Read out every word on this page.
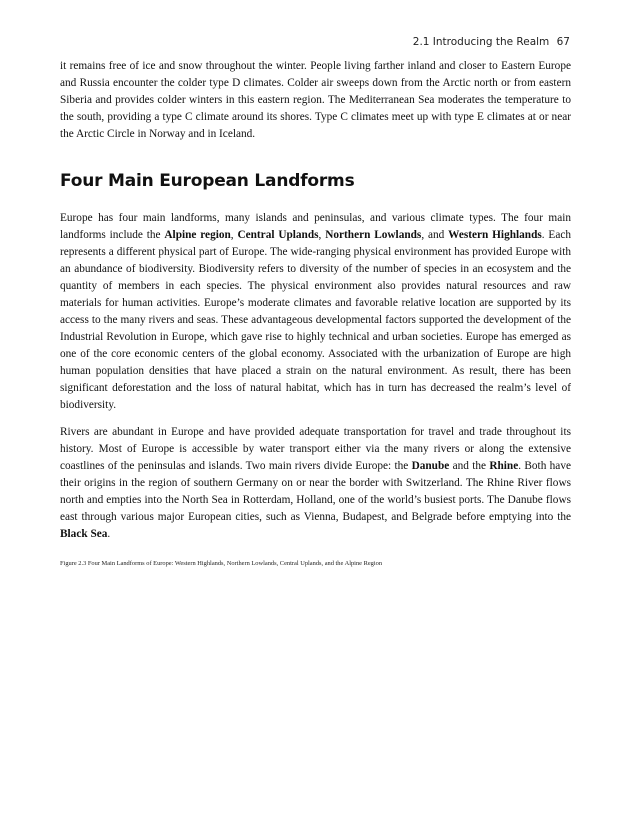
2.1 Introducing the Realm 67

it remains free of ice and snow throughout the winter. People living farther inland and closer to Eastern Europe and Russia encounter the colder type D climates. Colder air sweeps down from the Arctic north or from eastern Siberia and provides colder winters in this eastern region. The Mediterranean Sea moderates the temperature to the south, providing a type C climate around its shores. Type C climates meet up with type E climates at or near the Arctic Circle in Norway and in Iceland.

Four Main European Landforms

Europe has four main landforms, many islands and peninsulas, and various climate types. The four main landforms include the Alpine region, Central Uplands, Northern Lowlands, and Western Highlands. Each represents a different physical part of Europe. The wide-ranging physical environment has provided Europe with an abundance of biodiversity. Biodiversity refers to diversity of the number of species in an ecosystem and the quantity of members in each species. The physical environment also provides natural resources and raw materials for human activities. Europe’s moderate climates and favorable relative location are supported by its access to the many rivers and seas. These advantageous developmental factors supported the development of the Industrial Revolution in Europe, which gave rise to highly technical and urban societies. Europe has emerged as one of the core economic centers of the global economy. Associated with the urbanization of Europe are high human population densities that have placed a strain on the natural environment. As result, there has been significant deforestation and the loss of natural habitat, which has in turn has decreased the realm’s level of biodiversity.

Rivers are abundant in Europe and have provided adequate transportation for travel and trade throughout its history. Most of Europe is accessible by water transport either via the many rivers or along the extensive coastlines of the peninsulas and islands. Two main rivers divide Europe: the Danube and the Rhine. Both have their origins in the region of southern Germany on or near the border with Switzerland. The Rhine River flows north and empties into the North Sea in Rotterdam, Holland, one of the world’s busiest ports. The Danube flows east through various major European cities, such as Vienna, Budapest, and Belgrade before emptying into the Black Sea.

Figure 2.3 Four Main Landforms of Europe: Western Highlands, Northern Lowlands, Central Uplands, and the Alpine Region
